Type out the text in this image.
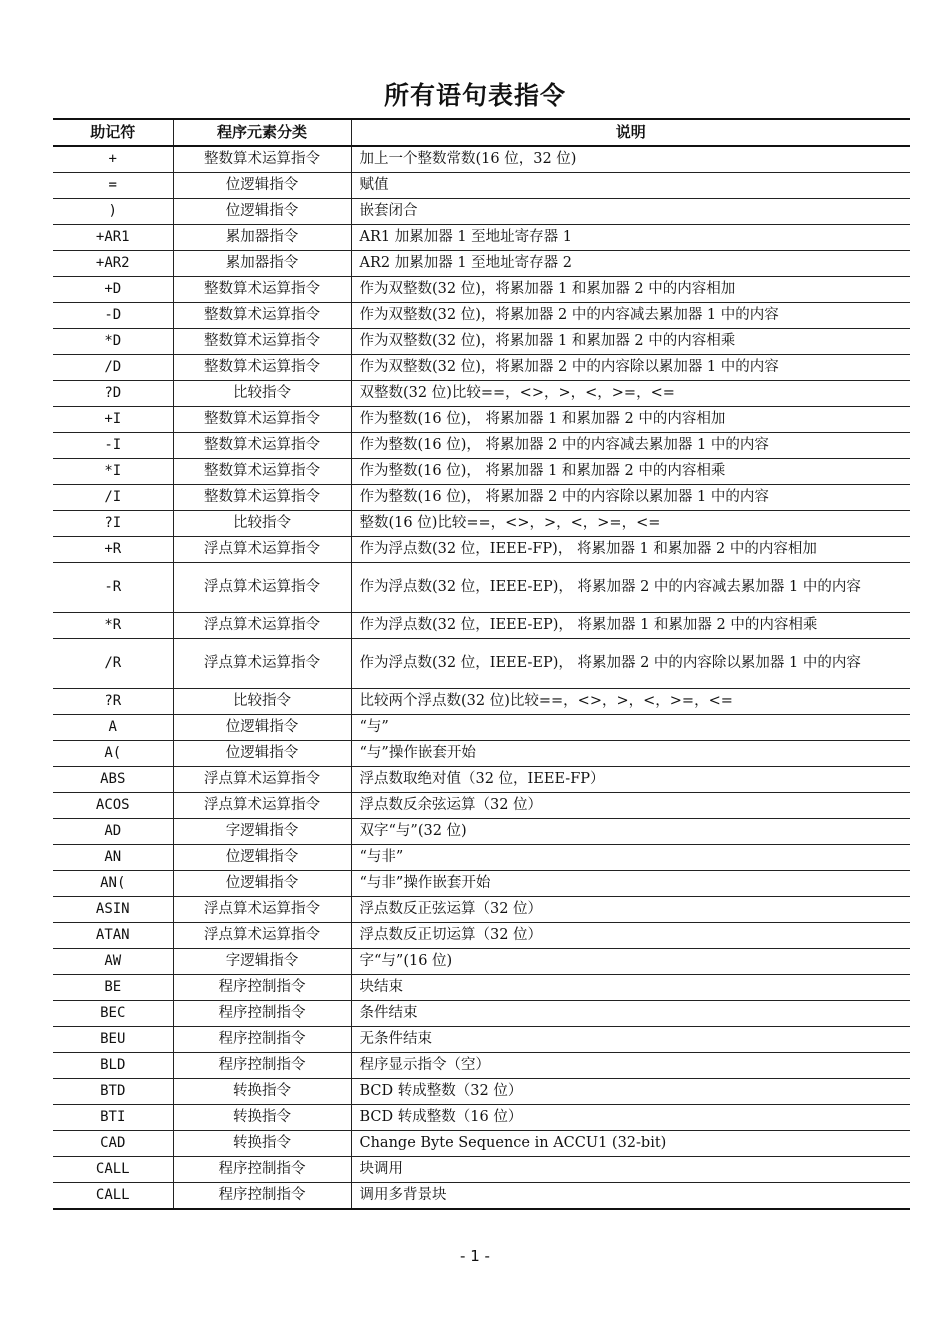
所有语句表指令
助记符	程序元素分类	说明
+	整数算术运算指令	加上一个整数常数(16 位，32 位)
=	位逻辑指令	赋值
)	位逻辑指令	嵌套闭合
+AR1	累加器指令	AR1 加累加器 1 至地址寄存器 1
+AR2	累加器指令	AR2 加累加器 1 至地址寄存器 2
+D	整数算术运算指令	作为双整数(32 位)，将累加器 1 和累加器 2 中的内容相加
-D	整数算术运算指令	作为双整数(32 位)，将累加器 2 中的内容减去累加器 1 中的内容
*D	整数算术运算指令	作为双整数(32 位)，将累加器 1 和累加器 2 中的内容相乘
/D	整数算术运算指令	作为双整数(32 位)，将累加器 2 中的内容除以累加器 1 中的内容
?D	比较指令	双整数(32 位)比较==，<>，>，<，>=，<=
+I	整数算术运算指令	作为整数(16 位)， 将累加器 1 和累加器 2 中的内容相加
-I	整数算术运算指令	作为整数(16 位)， 将累加器 2 中的内容减去累加器 1 中的内容
*I	整数算术运算指令	作为整数(16 位)， 将累加器 1 和累加器 2 中的内容相乘
/I	整数算术运算指令	作为整数(16 位)， 将累加器 2 中的内容除以累加器 1 中的内容
?I	比较指令	整数(16 位)比较==，<>，>，<，>=，<=
+R	浮点算术运算指令	作为浮点数(32 位，IEEE-FP)， 将累加器 1 和累加器 2 中的内容相加
-R	浮点算术运算指令	作为浮点数(32 位，IEEE-EP)， 将累加器 2 中的内容减去累加器 1 中的内容
*R	浮点算术运算指令	作为浮点数(32 位，IEEE-EP)， 将累加器 1 和累加器 2 中的内容相乘
/R	浮点算术运算指令	作为浮点数(32 位，IEEE-EP)， 将累加器 2 中的内容除以累加器 1 中的内容
?R	比较指令	比较两个浮点数(32 位)比较==，<>，>，<，>=，<=
A	位逻辑指令	“与”
A(	位逻辑指令	“与”操作嵌套开始
ABS	浮点算术运算指令	浮点数取绝对值（32 位，IEEE-FP）
ACOS	浮点算术运算指令	浮点数反余弦运算（32 位）
AD	字逻辑指令	双字“与”(32 位)
AN	位逻辑指令	“与非”
AN(	位逻辑指令	“与非”操作嵌套开始
ASIN	浮点算术运算指令	浮点数反正弦运算（32 位）
ATAN	浮点算术运算指令	浮点数反正切运算（32 位）
AW	字逻辑指令	字“与”(16 位)
BE	程序控制指令	块结束
BEC	程序控制指令	条件结束
BEU	程序控制指令	无条件结束
BLD	程序控制指令	程序显示指令（空）
BTD	转换指令	BCD 转成整数（32 位）
BTI	转换指令	BCD 转成整数（16 位）
CAD	转换指令	Change Byte Sequence in ACCU1 (32-bit)
CALL	程序控制指令	块调用
CALL	程序控制指令	调用多背景块
- 1 -
